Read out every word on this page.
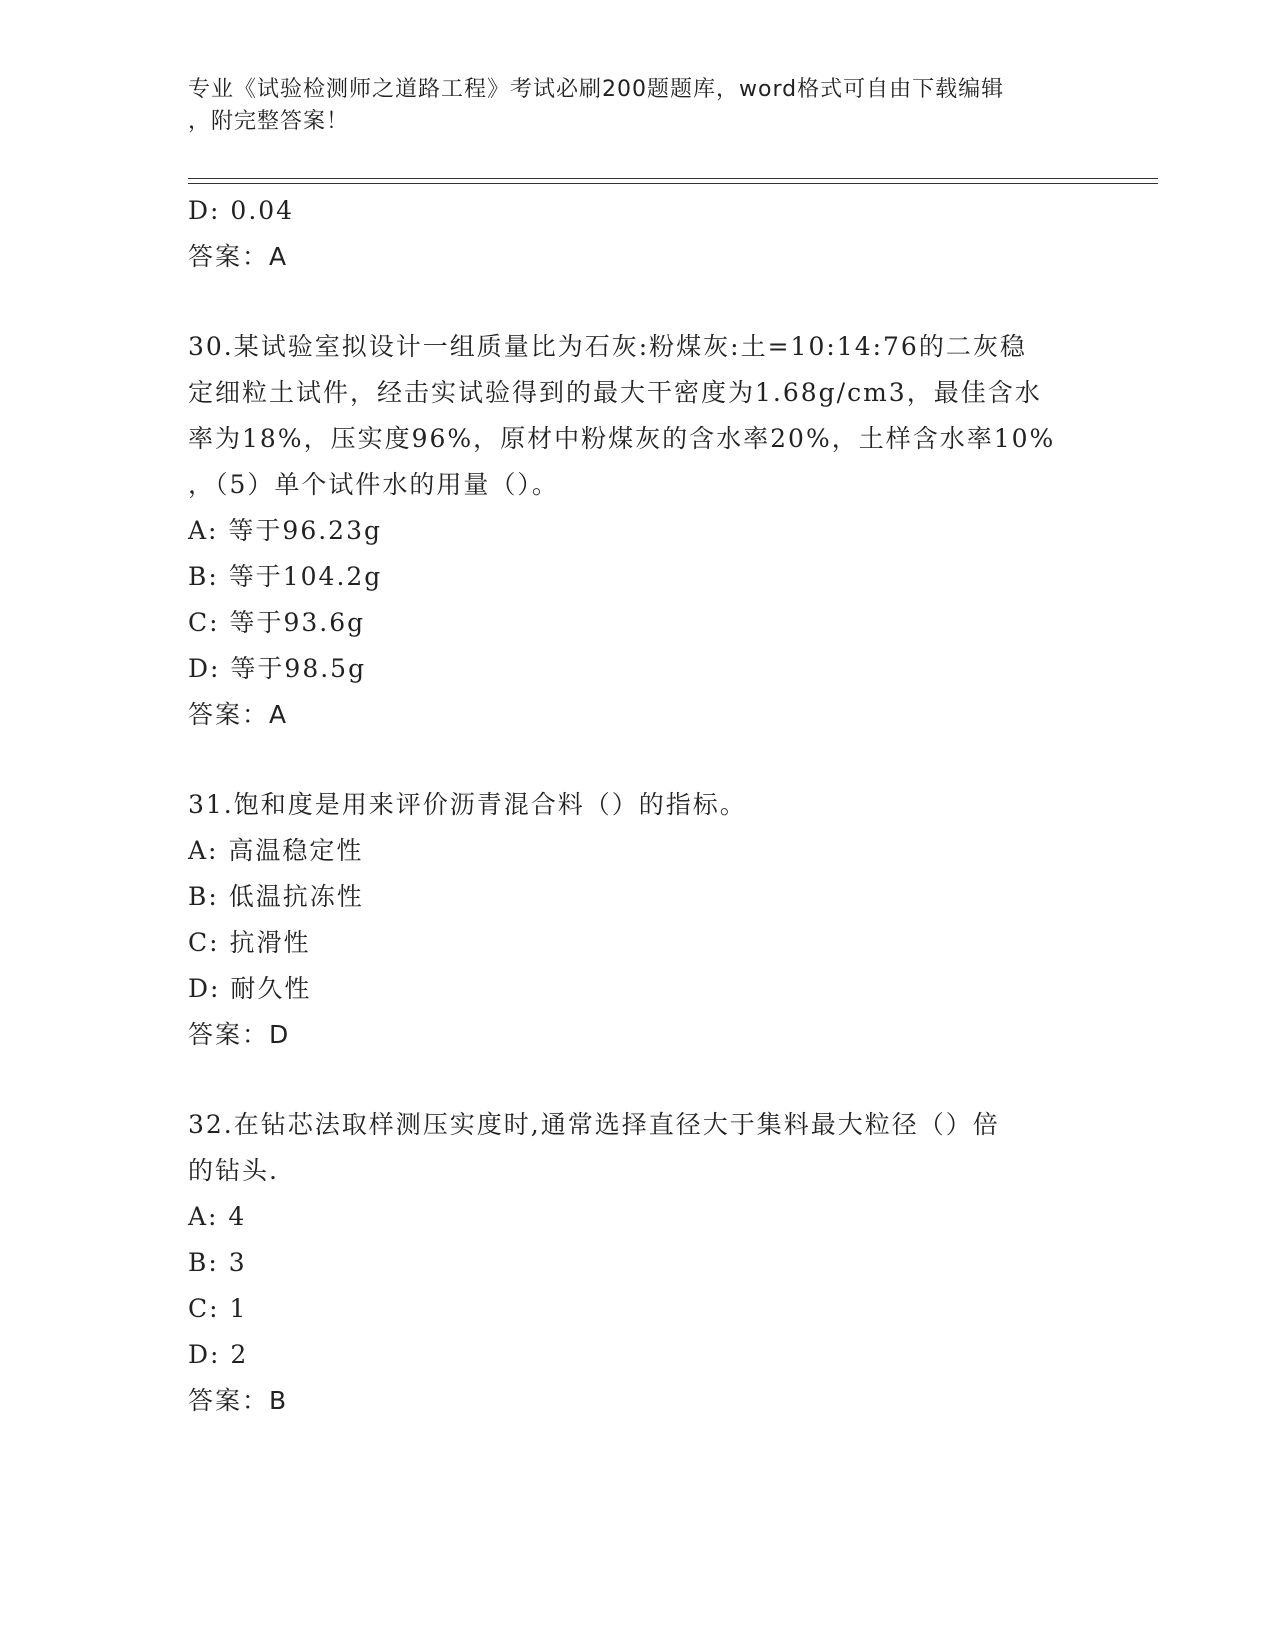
专业《试验检测师之道路工程》考试必刷200题题库，word格式可自由下载编辑
，附完整答案！
D: 0.04
答案：A
30.某试验室拟设计一组质量比为石灰:粉煤灰:土=10:14:76的二灰稳
定细粒土试件，经击实试验得到的最大干密度为1.68g/cm3，最佳含水
率为18%，压实度96%，原材中粉煤灰的含水率20%，土样含水率10%
，（5）单个试件水的用量（）。
A: 等于96.23g
B: 等于104.2g
C: 等于93.6g
D: 等于98.5g
答案：A
31.饱和度是用来评价沥青混合料（）的指标。
A: 高温稳定性
B: 低温抗冻性
C: 抗滑性
D: 耐久性
答案：D
32.在钻芯法取样测压实度时,通常选择直径大于集料最大粒径（）倍
的钻头.
A: 4
B: 3
C: 1
D: 2
答案：B
